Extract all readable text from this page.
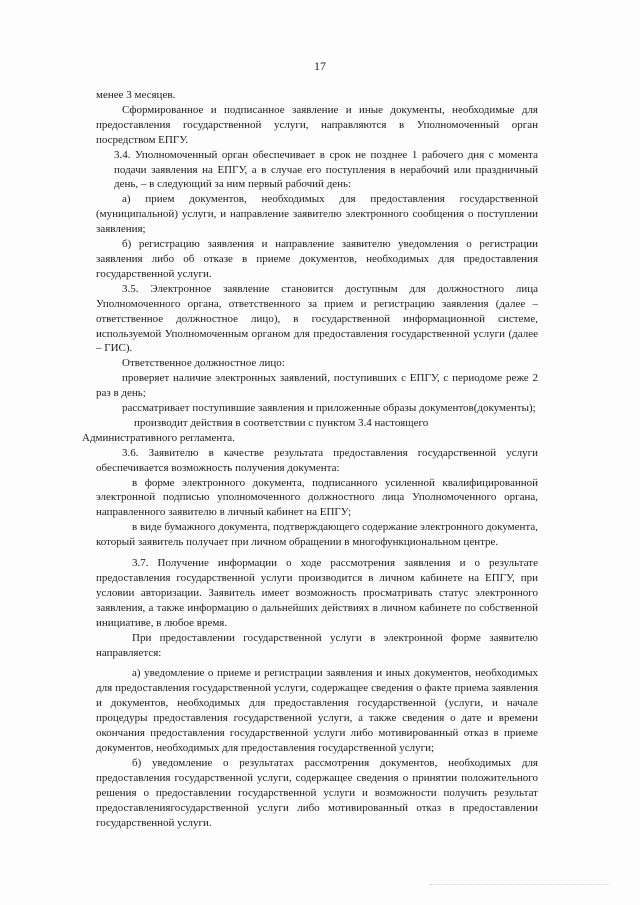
17

менее 3 месяцев.

Сформированное и подписанное заявление и иные документы, необходимые для предоставления государственной услуги, направляются в Уполномоченный орган посредством ЕПГУ.

3.4. Уполномоченный орган обеспечивает в срок не позднее 1 рабочего дня с момента подачи заявления на ЕПГУ, а в случае его поступления в нерабочий или праздничный день, – в следующий за ним первый рабочий день:

а) прием документов, необходимых для предоставления государственной (муниципальной) услуги, и направление заявителю электронного сообщения о поступлении заявления;

б) регистрацию заявления и направление заявителю уведомления о регистрации заявления либо об отказе в приеме документов, необходимых для предоставления государственной услуги.

3.5. Электронное заявление становится доступным для должностного лица Уполномоченного органа, ответственного за прием и регистрацию заявления (далее – ответственное должностное лицо), в государственной информационной системе, используемой Уполномоченным органом для предоставления государственной услуги (далее – ГИС).

Ответственное должностное лицо:

проверяет наличие электронных заявлений, поступивших с ЕПГУ, с периодоме реже 2 раз в день;

рассматривает поступившие заявления и приложенные образы документов(документы);

производит действия в соответствии с пунктом 3.4 настоящего

Административного регламента.

3.6. Заявителю в качестве результата предоставления государственной услуги обеспечивается возможность получения документа:

в форме электронного документа, подписанного усиленной квалифицированной электронной подписью уполномоченного должностного лица Уполномоченного органа, направленного заявителю в личный кабинет на ЕПГУ;

в виде бумажного документа, подтверждающего содержание электронного документа, который заявитель получает при личном обращении в многофункциональном центре.

3.7. Получение информации о ходе рассмотрения заявления и о результате предоставления государственной услуги производится в личном кабинете на ЕПГУ, при условии авторизации. Заявитель имеет возможность просматривать статус электронного заявления, а также информацию о дальнейших действиях в личном кабинете по собственной инициативе, в любое время.

При предоставлении государственной услуги в электронной форме заявителю направляется:

а) уведомление о приеме и регистрации заявления и иных документов, необходимых для предоставления государственной услуги, содержащее сведения о факте приема заявления и документов, необходимых для предоставления государственной (услуги, и начале процедуры предоставления государственной услуги, а также сведения о дате и времени окончания предоставления государственной услуги либо мотивированный отказ в приеме документов, необходимых для предоставления государственной услуги;

б) уведомление о результатах рассмотрения документов, необходимых для предоставления государственной услуги, содержащее сведения о принятии положительного решения о предоставлении государственной услуги и возможности получить результат предоставлениягосударственной услуги либо мотивированный отказ в предоставлении государственной услуги.
